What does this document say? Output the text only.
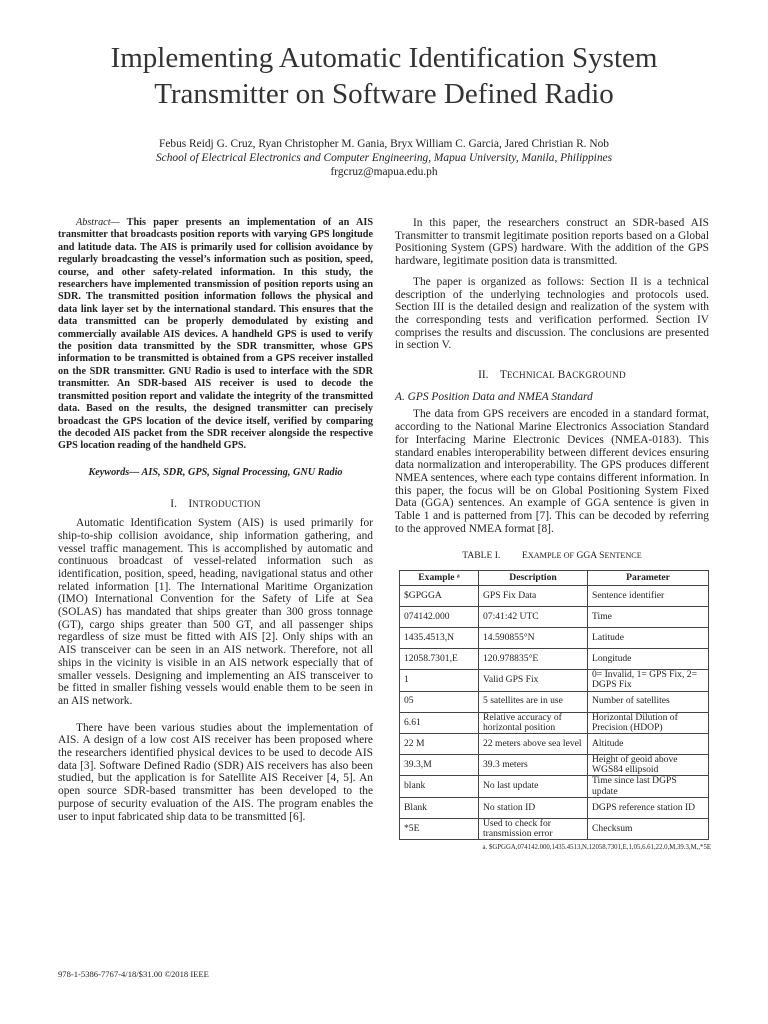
Implementing Automatic Identification System
Transmitter on Software Defined Radio
Febus Reidj G. Cruz, Ryan Christopher M. Gania, Bryx William C. Garcia, Jared Christian R. Nob
School of Electrical Electronics and Computer Engineering, Mapua University, Manila, Philippines
frgcruz@mapua.edu.ph

Abstract— This paper presents an implementation of an AIS transmitter that broadcasts position reports with varying GPS longitude and latitude data. The AIS is primarily used for collision avoidance by regularly broadcasting the vessel’s information such as position, speed, course, and other safety-related information. In this study, the researchers have implemented transmission of position reports using an SDR. The transmitted position information follows the physical and data link layer set by the international standard. This ensures that the data transmitted can be properly demodulated by existing and commercially available AIS devices. A handheld GPS is used to verify the position data transmitted by the SDR transmitter, whose GPS information to be transmitted is obtained from a GPS receiver installed on the SDR transmitter. GNU Radio is used to interface with the SDR transmitter. An SDR-based AIS receiver is used to decode the transmitted position report and validate the integrity of the transmitted data. Based on the results, the designed transmitter can precisely broadcast the GPS location of the device itself, verified by comparing the decoded AIS packet from the SDR receiver alongside the respective GPS location reading of the handheld GPS.

Keywords— AIS, SDR, GPS, Signal Processing, GNU Radio
I. INTRODUCTION

Automatic Identification System (AIS) is used primarily for ship-to-ship collision avoidance, ship information gathering, and vessel traffic management. This is accomplished by automatic and continuous broadcast of vessel-related information such as identification, position, speed, heading, navigational status and other related information [1]. The International Maritime Organization (IMO) International Convention for the Safety of Life at Sea (SOLAS) has mandated that ships greater than 300 gross tonnage (GT), cargo ships greater than 500 GT, and all passenger ships regardless of size must be fitted with AIS [2]. Only ships with an AIS transceiver can be seen in an AIS network. Therefore, not all ships in the vicinity is visible in an AIS network especially that of smaller vessels. Designing and implementing an AIS transceiver to be fitted in smaller fishing vessels would enable them to be seen in an AIS network.

There have been various studies about the implementation of AIS. A design of a low cost AIS receiver has been proposed where the researchers identified physical devices to be used to decode AIS data [3]. Software Defined Radio (SDR) AIS receivers has also been studied, but the application is for Satellite AIS Receiver [4, 5]. An open source SDR-based transmitter has been developed to the purpose of security evaluation of the AIS. The program enables the user to input fabricated ship data to be transmitted [6].

In this paper, the researchers construct an SDR-based AIS Transmitter to transmit legitimate position reports based on a Global Positioning System (GPS) hardware. With the addition of the GPS hardware, legitimate position data is transmitted.

The paper is organized as follows: Section II is a technical description of the underlying technologies and protocols used. Section III is the detailed design and realization of the system with the corresponding tests and verification performed. Section IV comprises the results and discussion. The conclusions are presented in section V.

II. TECHNICAL BACKGROUND
A. GPS Position Data and NMEA Standard

The data from GPS receivers are encoded in a standard format, according to the National Marine Electronics Association Standard for Interfacing Marine Electronic Devices (NMEA-0183). This standard enables interoperability between different devices ensuring data normalization and interoperability. The GPS produces different NMEA sentences, where each type contains different information. In this paper, the focus will be on Global Positioning System Fixed Data (GGA) sentences. An example of GGA sentence is given in Table 1 and is patterned from [7]. This can be decoded by referring to the approved NMEA format [8].

TABLE I. EXAMPLE OF GGA SENTENCE
Example ᵃ	Description	Parameter
$GPGGA	GPS Fix Data	Sentence identifier
074142.000	07:41:42 UTC	Time
1435.4513,N	14.590855°N	Latitude
12058.7301,E	120.978835°E	Longitude
1	Valid GPS Fix	0= Invalid, 1= GPS Fix, 2= DGPS Fix
05	5 satellites are in use	Number of satellites
6.61	Relative accuracy of horizontal position	Horizontal Dilution of Precision (HDOP)
22 M	22 meters above sea level	Altitude
39.3,M	39.3 meters	Height of geoid above WGS84 ellipsoid
blank	No last update	Time since last DGPS update
Blank	No station ID	DGPS reference station ID
*5E	Used to check for transmission error	Checksum
a. $GPGGA,074142.000,1435.4513,N,12058.7301,E,1,05,6.61,22.0,M,39.3,M,,*5E
978-1-5386-7767-4/18/$31.00 ©2018 IEEE
